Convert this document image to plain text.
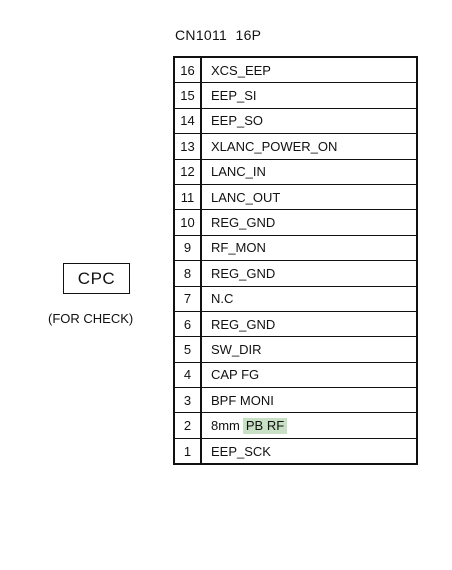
CN1011  16P
16	XCS_EEP
15	EEP_SI
14	EEP_SO
13	XLANC_POWER_ON
12	LANC_IN
11	LANC_OUT
10	REG_GND
9	RF_MON
8	REG_GND
7	N.C
6	REG_GND
5	SW_DIR
4	CAP FG
3	BPF MONI
2	8mm PB RF
1	EEP_SCK
CPC
(FOR CHECK)
